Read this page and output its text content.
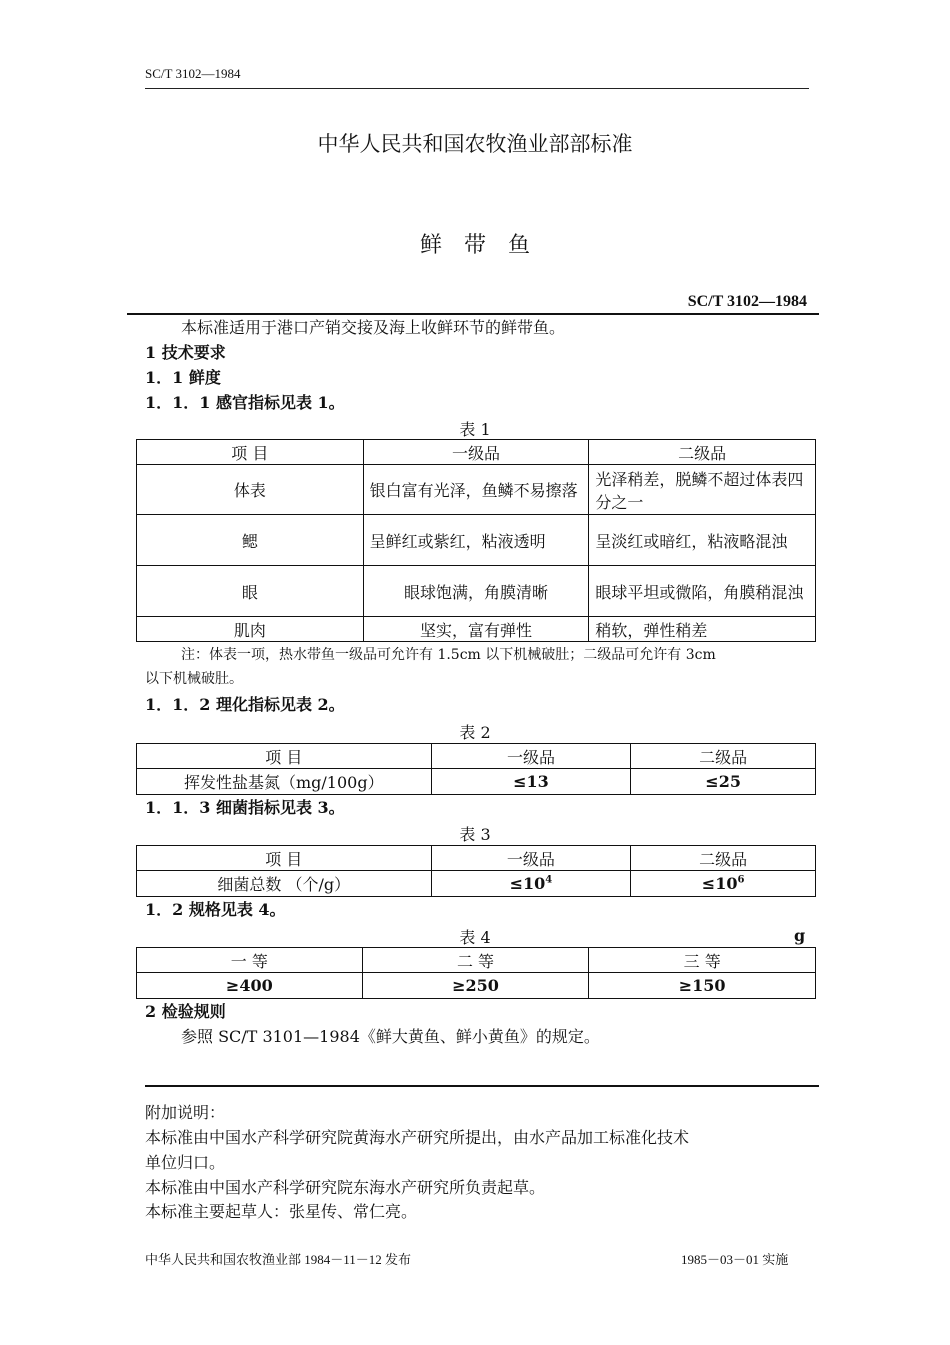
SC/T 3102—1984
中华人民共和国农牧渔业部部标准
鲜带鱼
SC/T 3102—1984
本标准适用于港口产销交接及海上收鲜环节的鲜带鱼。
1 技术要求
1．1 鲜度
1．1．1 感官指标见表 1。
表 1
项 目	一级品	二级品
体表	银白富有光泽，鱼鳞不易擦落	光泽稍差，脱鳞不超过体表四分之一
鳃	呈鲜红或紫红，粘液透明	呈淡红或暗红，粘液略混浊
眼	眼球饱满，角膜清晰	眼球平坦或微陷，角膜稍混浊
肌肉	坚实，富有弹性	稍软，弹性稍差
注：体表一项，热水带鱼一级品可允许有 1.5cm 以下机械破肚；二级品可允许有 3cm
以下机械破肚。
1．1．2 理化指标见表 2。
表 2
项 目	一级品	二级品
挥发性盐基氮（mg/100g）	≤13	≤25
1．1．3 细菌指标见表 3。
表 3
项 目	一级品	二级品
细菌总数 （个/g）	$\le 10^4$	$\le 10^6$
1．2 规格见表 4。
表 4	g
一 等	二 等	三 等
≥400	≥250	≥150
2 检验规则
参照 SC/T 3101—1984《鲜大黄鱼、鲜小黄鱼》的规定。
附加说明：
本标准由中国水产科学研究院黄海水产研究所提出，由水产品加工标准化技术
单位归口。
本标准由中国水产科学研究院东海水产研究所负责起草。
本标准主要起草人：张星传、常仁亮。
中华人民共和国农牧渔业部 1984－11－12 发布	1985－03－01 实施
